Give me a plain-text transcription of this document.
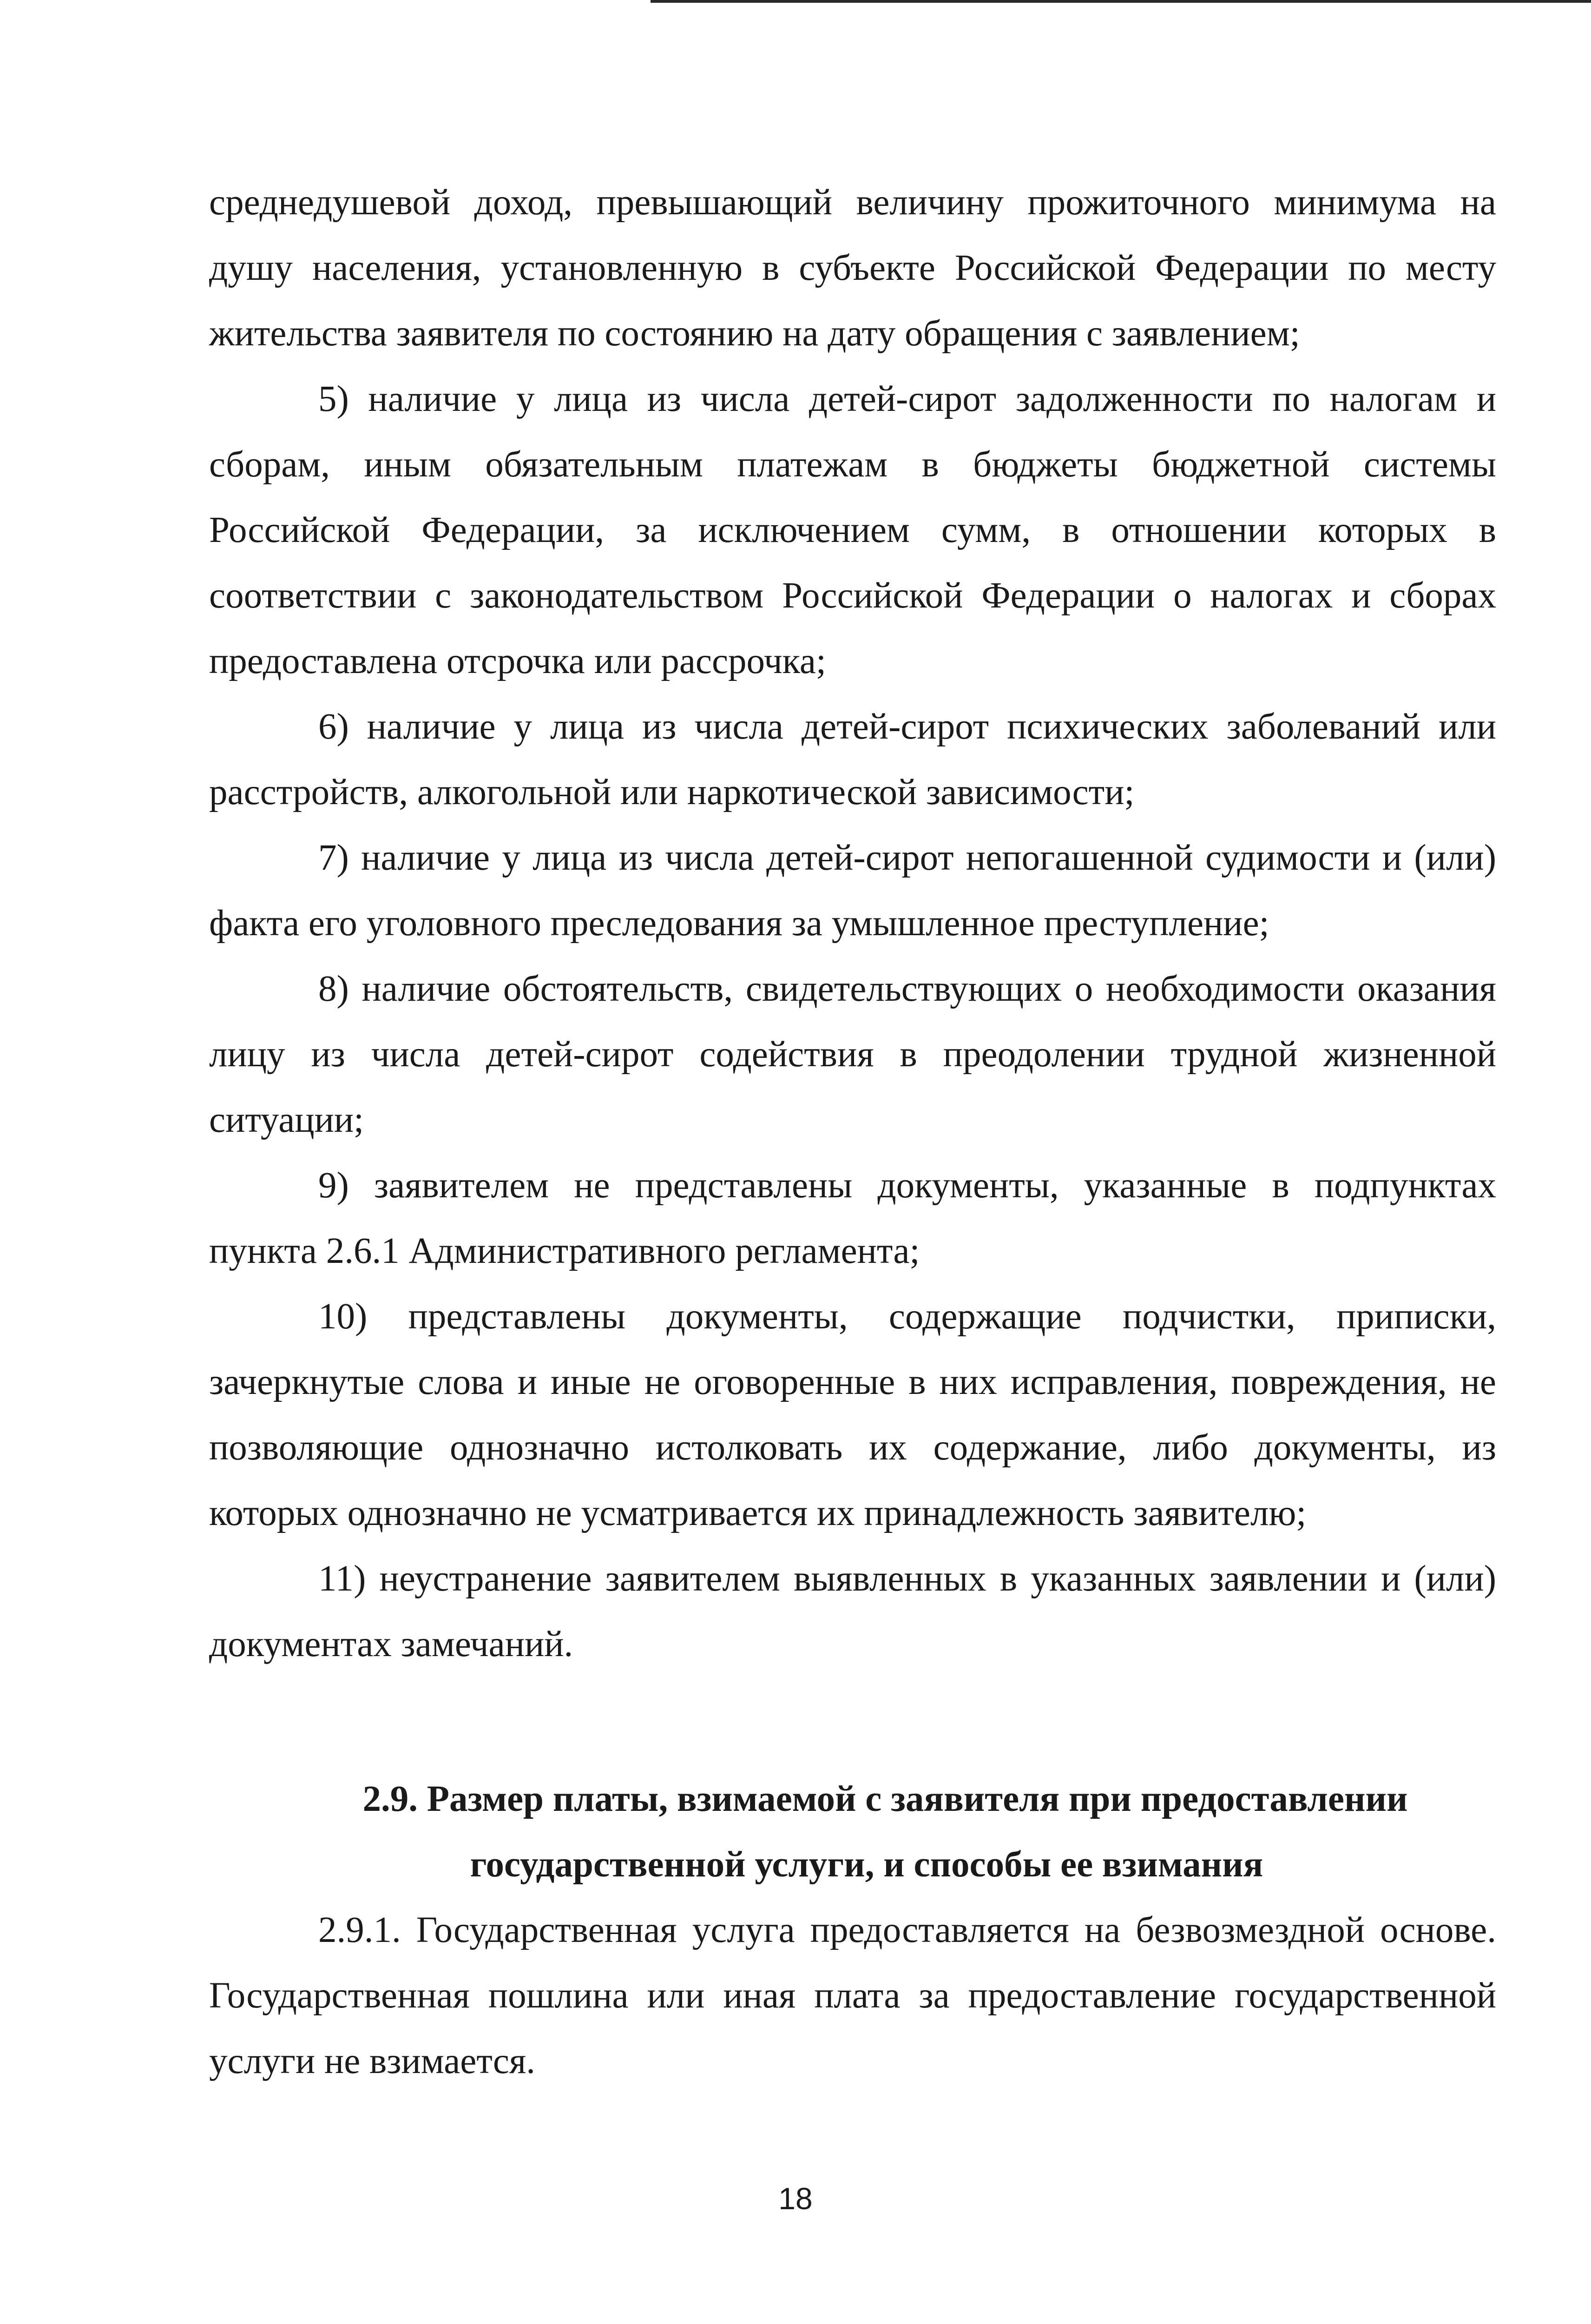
среднедушевой доход, превышающий величину прожиточного минимума на душу населения, установленную в субъекте Российской Федерации по месту жительства заявителя по состоянию на дату обращения с заявлением;

5) наличие у лица из числа детей-сирот задолженности по налогам и сборам, иным обязательным платежам в бюджеты бюджетной системы Российской Федерации, за исключением сумм, в отношении которых в соответствии с законодательством Российской Федерации о налогах и сборах предоставлена отсрочка или рассрочка;

6) наличие у лица из числа детей-сирот психических заболеваний или расстройств, алкогольной или наркотической зависимости;

7) наличие у лица из числа детей-сирот непогашенной судимости и (или) факта его уголовного преследования за умышленное преступление;

8) наличие обстоятельств, свидетельствующих о необходимости оказания лицу из числа детей-сирот содействия в преодолении трудной жизненной ситуации;

9) заявителем не представлены документы, указанные в подпунктах пункта 2.6.1 Административного регламента;

10) представлены документы, содержащие подчистки, приписки, зачеркнутые слова и иные не оговоренные в них исправления, повреждения, не позволяющие однозначно истолковать их содержание, либо документы, из которых однозначно не усматривается их принадлежность заявителю;

11) неустранение заявителем выявленных в указанных заявлении и (или) документах замечаний.

2.9. Размер платы, взимаемой с заявителя при предоставлении
государственной услуги, и способы ее взимания

2.9.1. Государственная услуга предоставляется на безвозмездной основе. Государственная пошлина или иная плата за предоставление государственной услуги не взимается.

18
